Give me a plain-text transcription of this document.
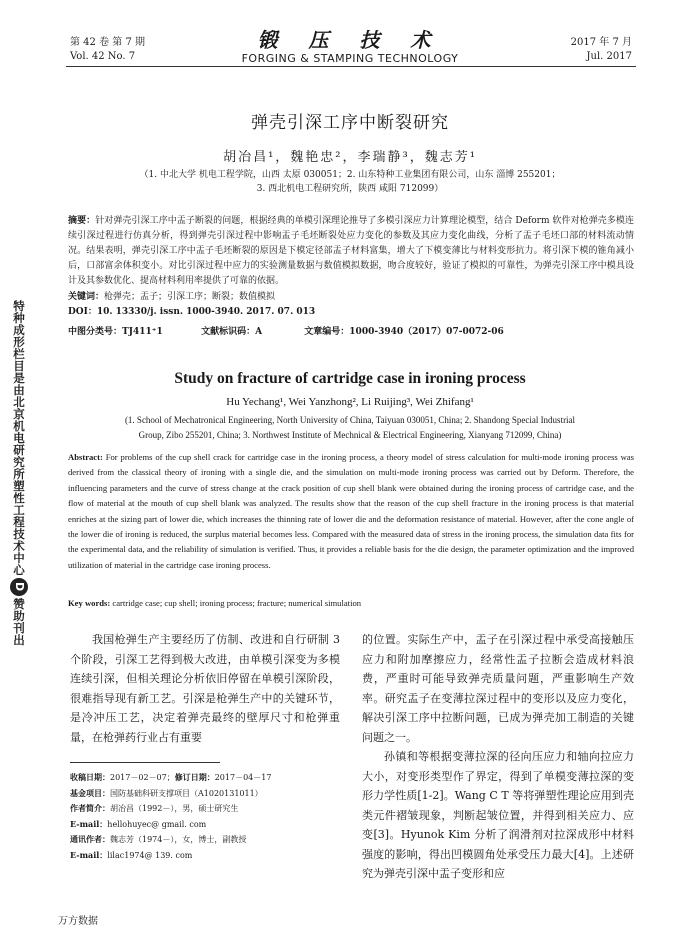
第 42 卷 第 7 期
Vol. 42 No. 7
锻 压 技 术
FORGING & STAMPING TECHNOLOGY
2017 年 7 月
Jul. 2017
特种成形栏目是由北京机电研究所塑性工程技术中心D赞助刊出
弹壳引深工序中断裂研究
胡冶昌¹，魏艳忠²，李瑞静³，魏志芳¹
（1. 中北大学 机电工程学院，山西 太原 030051；2. 山东特种工业集团有限公司，山东 淄博 255201；
3. 西北机电工程研究所，陕西 咸阳 712099）
摘要：针对弹壳引深工序中盂子断裂的问题，根据经典的单模引深理论推导了多模引深应力计算理论模型，结合 Deform 软件对枪弹壳多模连续引深过程进行仿真分析，得到弹壳引深过程中影响盂子毛坯断裂处应力变化的参数及其应力变化曲线，分析了盂子毛坯口部的材料流动情况。结果表明，弹壳引深工序中盂子毛坯断裂的原因是下模定径部盂子材料富集，增大了下模变薄比与材料变形抗力。将引深下模的锥角减小后，口部富余体积变小。对比引深过程中应力的实验测量数据与数值模拟数据，吻合度较好，验证了模拟的可靠性，为弹壳引深工序中模具设计及其参数优化、提高材料利用率提供了可靠的依据。
关键词：枪弹壳；盂子；引深工序；断裂；数值模拟
DOI：10. 13330/j. issn. 1000-3940. 2017. 07. 013
中图分类号：TJ411⁺1	文献标识码：A	文章编号：1000-3940（2017）07-0072-06
Study on fracture of cartridge case in ironing process
Hu Yechang¹, Wei Yanzhong², Li Ruijing³, Wei Zhifang¹
(1. School of Mechatronical Engineering, North University of China, Taiyuan 030051, China; 2. Shandong Special Industrial
Group, Zibo 255201, China; 3. Northwest Institute of Mechnical & Electrical Engineering, Xianyang 712099, China)
Abstract: For problems of the cup shell crack for cartridge case in the ironing process, a theory model of stress calculation for multi-mode ironing process was derived from the classical theory of ironing with a single die, and the simulation on multi-mode ironing process was carried out by Deform. Therefore, the influencing parameters and the curve of stress change at the crack position of cup shell blank were obtained during the ironing process of cartridge case, and the flow of material at the mouth of cup shell blank was analyzed. The results show that the reason of the cup shell fracture in the ironing process is that material enriches at the sizing part of lower die, which increases the thinning rate of lower die and the deformation resistance of material. However, after the cone angle of the lower die of ironing is reduced, the surplus material becomes less. Compared with the measured data of stress in the ironing process, the simulation data fits for the experimental data, and the reliability of simulation is verified. Thus, it provides a reliable basis for the die design, the parameter optimization and the improved utilization of material in the cartridge case ironing process.
Key words: cartridge case; cup shell; ironing process; fracture; numerical simulation

我国枪弹生产主要经历了仿制、改进和自行研制 3 个阶段，引深工艺得到极大改进，由单模引深变为多模连续引深，但相关理论分析依旧停留在单模引深阶段，很难指导现有新工艺。引深是枪弹生产中的关键环节，是冷冲压工艺，决定着弹壳最终的壁厚尺寸和枪弹重量，在枪弹药行业占有重要

的位置。实际生产中，盂子在引深过程中承受高接触压应力和附加摩擦应力，经常性盂子拉断会造成材料浪费，严重时可能导致弹壳质量问题，严重影响生产效率。研究盂子在变薄拉深过程中的变形以及应力变化，解决引深工序中拉断问题，已成为弹壳加工制造的关键问题之一。

孙镇和等根据变薄拉深的径向压应力和轴向拉应力大小，对变形类型作了界定，得到了单模变薄拉深的变形力学性质[1-2]。Wang C T 等将弹塑性理论应用到壳类元件褶皱现象，判断起皱位置，并得到相关应力、应变[3]。Hyunok Kim 分析了润滑剂对拉深成形中材料强度的影响，得出凹模圆角处承受压力最大[4]。上述研究为弹壳引深中盂子变形和应

收稿日期：2017－02－07；修订日期：2017－04－17
基金项目：国防基础科研支撑项目（A1020131011）
作者简介：胡冶昌（1992－），男，硕士研究生
E-mail：hellohuyec@ gmail. com
通讯作者：魏志芳（1974－），女，博士，副教授
E-mail：lilac1974@ 139. com
万方数据
